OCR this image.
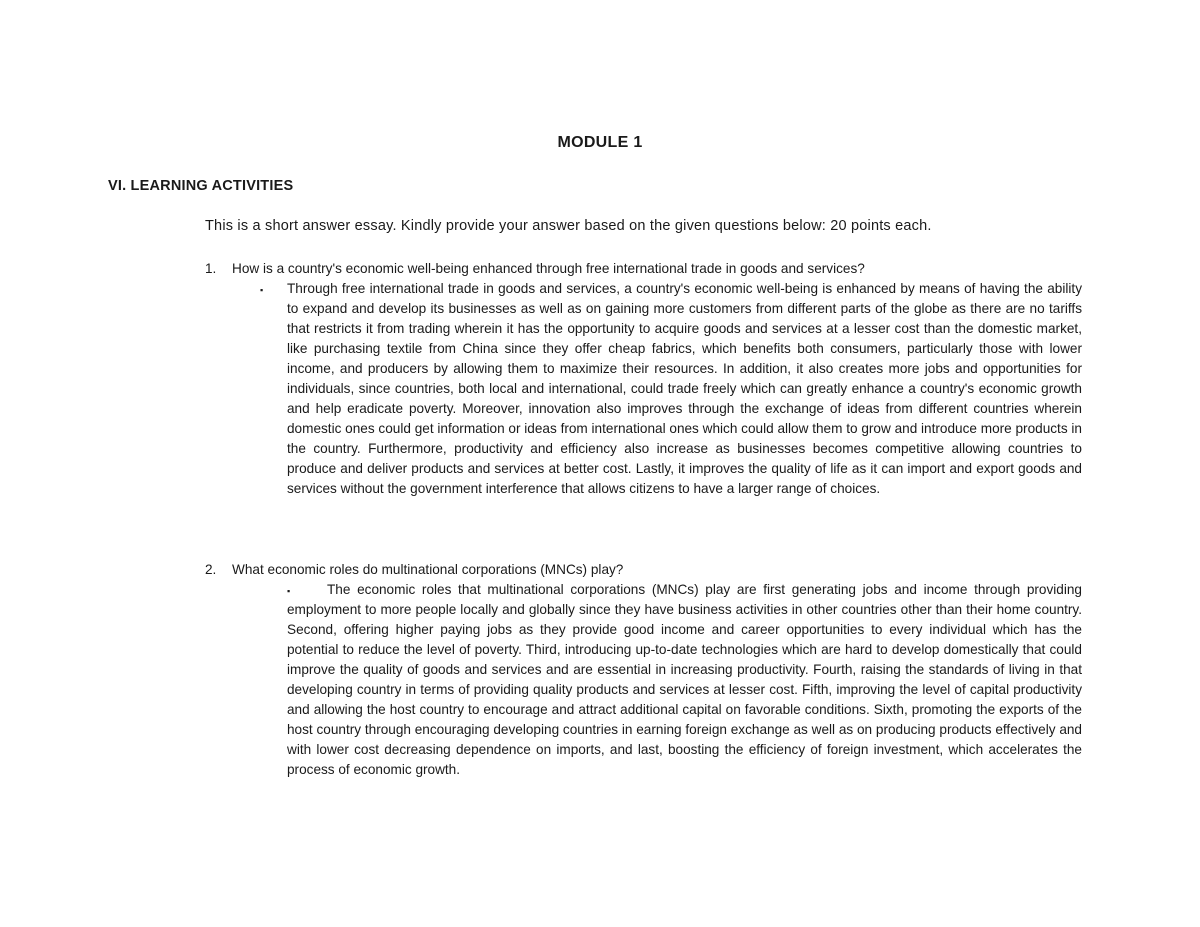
MODULE 1
VI. LEARNING ACTIVITIES
This is a short answer essay. Kindly provide your answer based on the given questions below: 20 points each.
1. How is a country's economic well-being enhanced through free international trade in goods and services?
▪ Through free international trade in goods and services, a country's economic well-being is enhanced by means of having the ability to expand and develop its businesses as well as on gaining more customers from different parts of the globe as there are no tariffs that restricts it from trading wherein it has the opportunity to acquire goods and services at a lesser cost than the domestic market, like purchasing textile from China since they offer cheap fabrics, which benefits both consumers, particularly those with lower income, and producers by allowing them to maximize their resources. In addition, it also creates more jobs and opportunities for individuals, since countries, both local and international, could trade freely which can greatly enhance a country's economic growth and help eradicate poverty. Moreover, innovation also improves through the exchange of ideas from different countries wherein domestic ones could get information or ideas from international ones which could allow them to grow and introduce more products in the country. Furthermore, productivity and efficiency also increase as businesses becomes competitive allowing countries to produce and deliver products and services at better cost. Lastly, it improves the quality of life as it can import and export goods and services without the government interference that allows citizens to have a larger range of choices.
2. What economic roles do multinational corporations (MNCs) play?
▪	The economic roles that multinational corporations (MNCs) play are first generating jobs and income through providing employment to more people locally and globally since they have business activities in other countries other than their home country. Second, offering higher paying jobs as they provide good income and career opportunities to every individual which has the potential to reduce the level of poverty. Third, introducing up-to-date technologies which are hard to develop domestically that could improve the quality of goods and services and are essential in increasing productivity. Fourth, raising the standards of living in that developing country in terms of providing quality products and services at lesser cost. Fifth, improving the level of capital productivity and allowing the host country to encourage and attract additional capital on favorable conditions. Sixth, promoting the exports of the host country through encouraging developing countries in earning foreign exchange as well as on producing products effectively and with lower cost decreasing dependence on imports, and last, boosting the efficiency of foreign investment, which accelerates the process of economic growth.
